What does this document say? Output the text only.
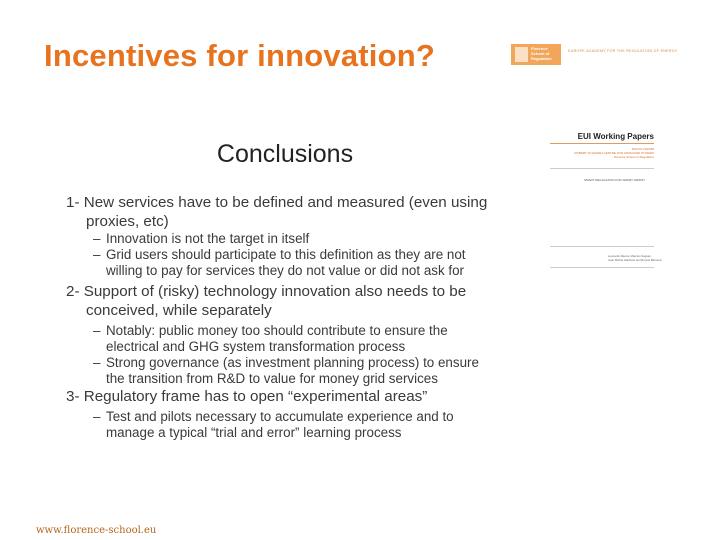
Incentives for innovation?	Florence
School of
Regulation
EUROPE ACADEMY FOR THE REGULATION OF ENERGY
Conclusions

1- New services have to be defined and measured (even using proxies, etc)

– Innovation is not the target in itself

– Grid users should participate to this definition as they are not willing to pay for services they do not value or did not ask for

2- Support of (risky) technology innovation also needs to be conceived, while separately

– Notably: public money too should contribute to ensure the electrical and GHG system transformation process

– Strong governance (as investment planning process) to ensure the transition from R&D to value for money grid services

3- Regulatory frame has to open “experimental areas”

– Test and pilots necessary to accumulate experience and to manage a typical “trial and error” learning process

EUI Working Papers
RSCAS 2015/48
ROBERT SCHUMAN CENTRE FOR ADVANCED STUDIES
Florence School of Regulation
SMART REGULATION FOR SMART GRIDS?
Leonardo Meeus, Marcelo Saguan,
Jean-Michel Glachant and Ronnie Belmans
www.florence-school.eu
